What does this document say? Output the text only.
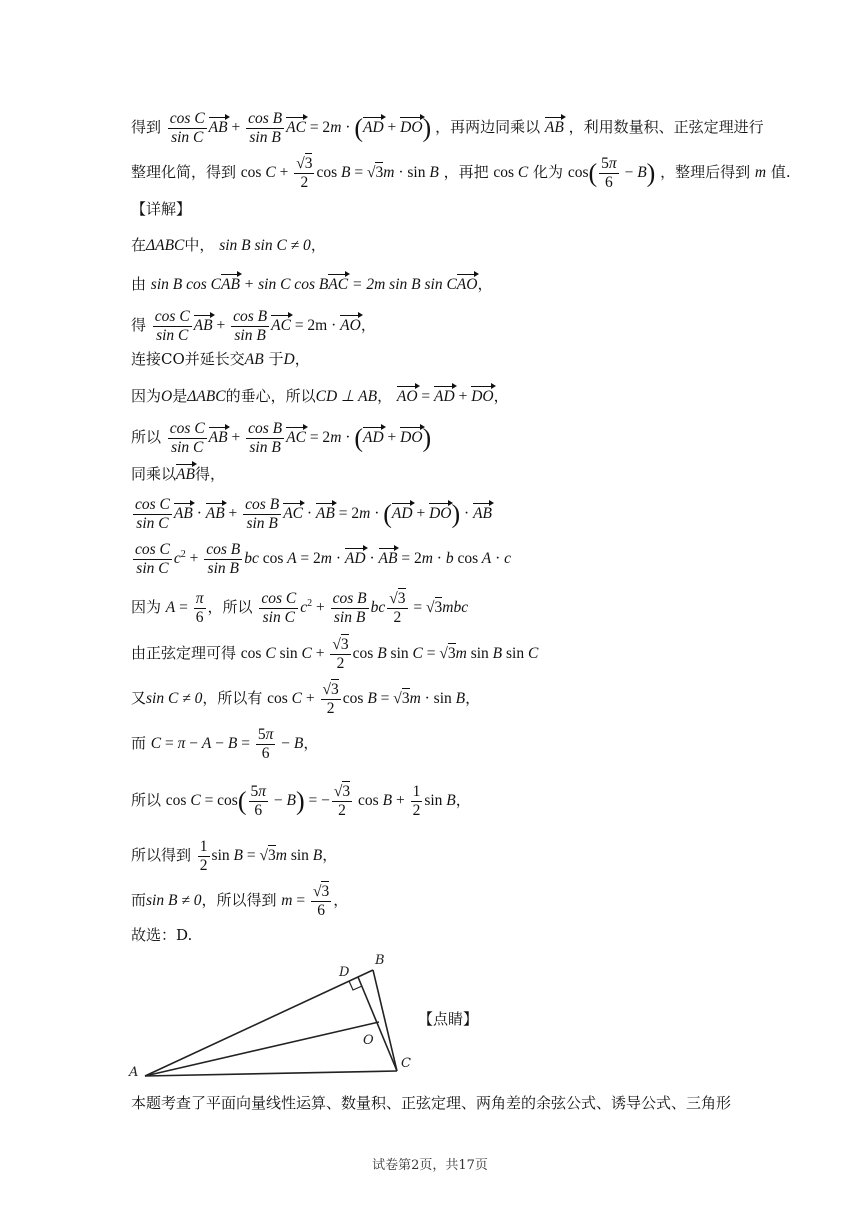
得到 $\frac{\text{cos C}}{\text{sin C}}$ AB + $\frac{\text{cos B}}{\text{sin B}}$ AC = 2m · (AD + DO) ，再两边同乘以 AB ，利用数量积、正弦定理进行
整理化简，得到 $\cos C + \frac{√3}{2}$ cos B = √3m · sin B ，再把 cos C 化为 $\cos( \frac{5\pi}{6} - B)$ ，整理后得到 m 值.
【详解】
在ΔABC中， sin B sin C ≠ 0，
由 sin B cos CAB + sin C cos BAC = 2m sin B sin CAO，
得 $\frac{\text{cos C}}{\text{sin C}}$ AB + $\frac{\text{cos B}}{\text{sin B}}$ AC = 2m · AO，
连接CO并延长交AB 于D，
因为O是ΔABC的垂心，所以CD ⊥ AB， AO = AD + DO，
所以 $\frac{\text{cos C}}{\text{sin C}}$ AB + $\frac{\text{cos B}}{\text{sin B}}$ AC = 2m · (AD + DO)
同乘以AB得，
$\frac{\text{cos C}}{\text{sin C}}$ AB · AB + $\frac{\text{cos B}}{\text{sin B}}$ AC · AB = 2m · (AD + DO) · AB
$\frac{\text{cos C}}{\text{sin C}} c^2 + \frac{\text{cos B}}{\text{sin B}}$ bc cos A = 2m · AD · AB = 2m · b cos A · c
因为 $A = \frac{\pi}{6}$ ，所以 $\frac{\text{cos C}}{\text{sin C}} c^2 + \frac{\text{cos B}}{\text{sin B}}$ bc $\frac{√3}{2} = √3mbc$
由正弦定理可得 cos C $\sin C + \frac{√3}{2}$ cos B sin C = √3m sin B sin C
又sin C ≠ 0，所以有 $\cos C + \frac{√3}{2}$ cos B = √3m · sin B，
而 $C = \pi - A - B = \frac{5\pi}{6} - B$，
所以 $\cos C = \cos( \frac{5\pi}{6} - B)$ = − $\frac{√3}{2}$ $\cos B + \frac{1}{2}$ sin B，
所以得到 $\frac{1}{2}$ sin B = √3m sin B，
而sin B ≠ 0，所以得到 $m = \frac{√3}{6}$ ，
故选：D.
A
B
C
D
O
【点睛】
本题考查了平面向量线性运算、数量积、正弦定理、两角差的余弦公式、诱导公式、三角形
试卷第2页，共17页
